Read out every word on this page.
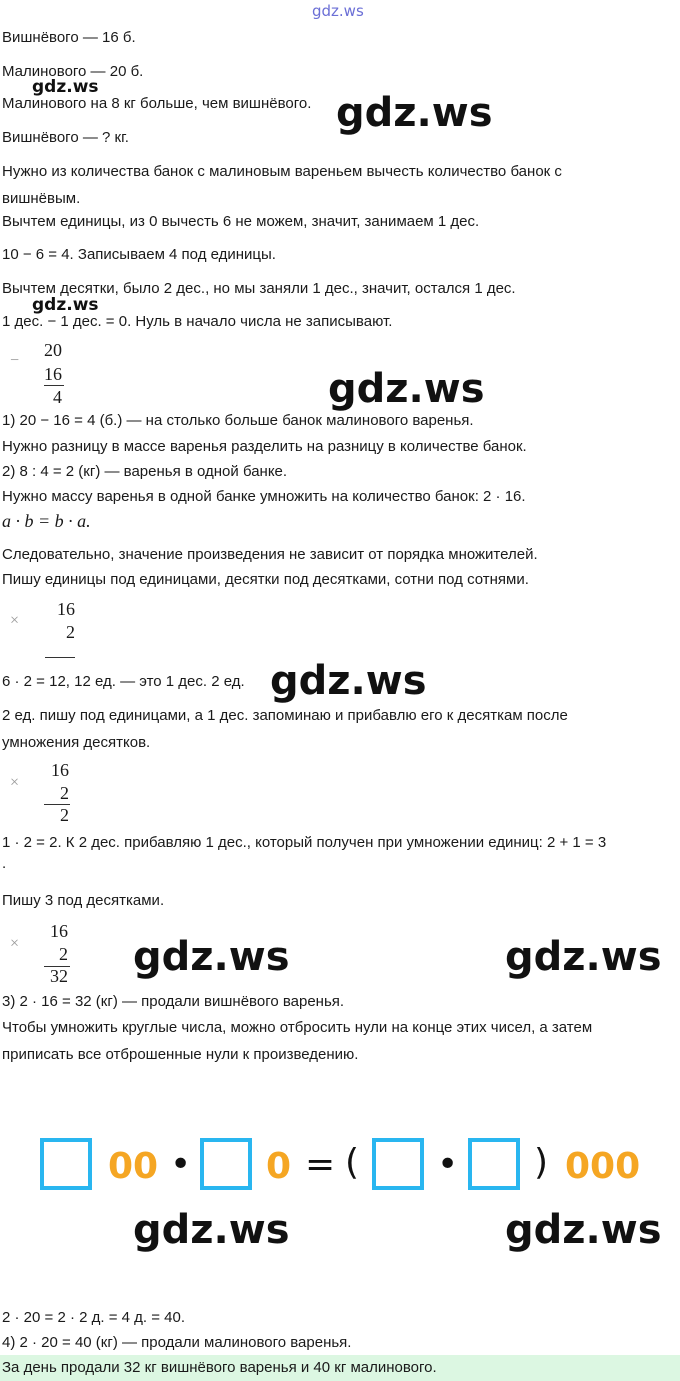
gdz.ws
Вишнёвого — 16 б.
Малинового — 20 б.
gdz.ws
Малинового на 8 кг больше, чем вишнёвого. gdz.ws
Вишнёвого — ? кг.
Нужно из количества банок с малиновым вареньем вычесть количество банок с вишнёвым.
Вычтем единицы, из 0 вычесть 6 не можем, значит, занимаем 1 дес.
10 − 6 = 4. Записываем 4 под единицы.
Вычтем десятки, было 2 дес., но мы заняли 1 дес., значит, остался 1 дес.
gdz.ws
1 дес. − 1 дес. = 0. Нуль в начало числа не записывают.
−
20
16
4	gdz.ws
1) 20 − 16 = 4 (б.) — на столько больше банок малинового варенья.
Нужно разницу в массе варенья разделить на разницу в количестве банок.
2) 8 : 4 = 2 (кг) — варенья в одной банке.
Нужно массу варенья в одной банке умножить на количество банок: 2 · 16.
a · b = b · a.
Следовательно, значение произведения не зависит от порядка множителей.
Пишу единицы под единицами, десятки под десятками, сотни под сотнями.
×
16
2
6 · 2 = 12, 12 ед. — это 1 дес. 2 ед. gdz.ws
2 ед. пишу под единицами, а 1 дес. запоминаю и прибавлю его к десяткам после умножения десятков.
×
16
2
2
1 · 2 = 2. К 2 дес. прибавляю 1 дес., который получен при умножении единиц: 2 + 1 = 3
.
Пишу 3 под десятками.
×
16
2
32 gdz.ws	gdz.ws
3) 2 · 16 = 32 (кг) — продали вишнёвого варенья.
Чтобы умножить круглые числа, можно отбросить нули на конце этих чисел, а затем приписать все отброшенные нули к произведению.
00 • 0 = ( • ) 000
gdz.ws	gdz.ws
2 · 20 = 2 · 2 д. = 4 д. = 40.
4) 2 · 20 = 40 (кг) — продали малинового варенья.
За день продали 32 кг вишнёвого варенья и 40 кг малинового.
